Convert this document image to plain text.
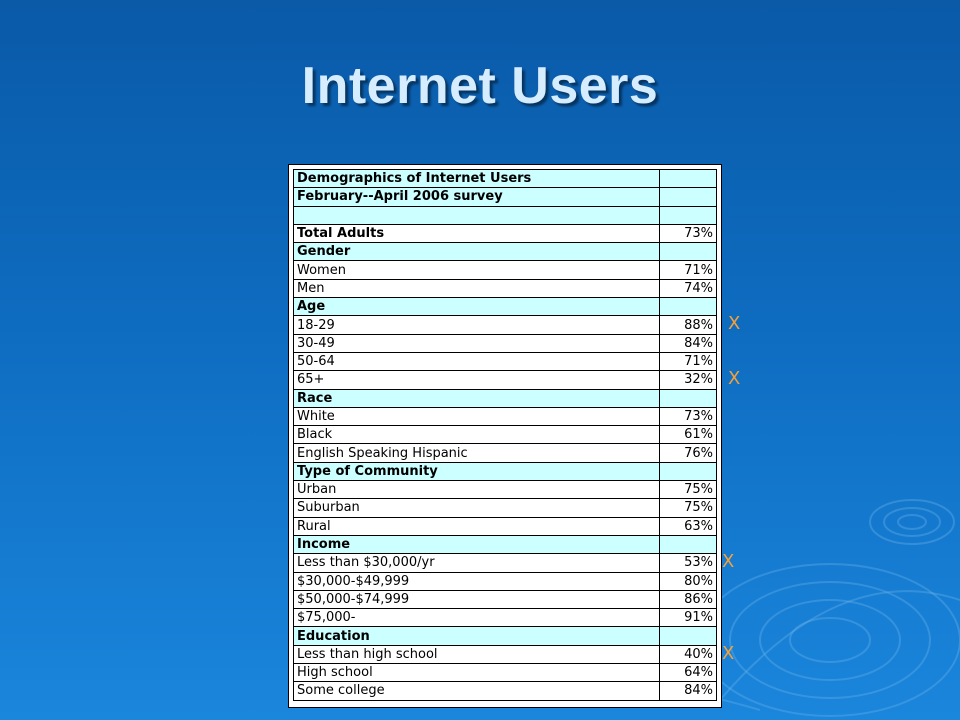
Internet Users
Demographics of Internet Users	
February--April 2006 survey	

Total Adults	73%
Gender	
Women	71%
Men	74%
Age	
18-29	88%
30-49	84%
50-64	71%
65+	32%
Race	
White	73%
Black	61%
English Speaking Hispanic	76%
Type of Community	
Urban	75%
Suburban	75%
Rural	63%
Income	
Less than $30,000/yr	53%
$30,000-$49,999	80%
$50,000-$74,999	86%
$75,000-	91%
Education	
Less than high school	40%
High school	64%
Some college	84%
X
X
X
X
